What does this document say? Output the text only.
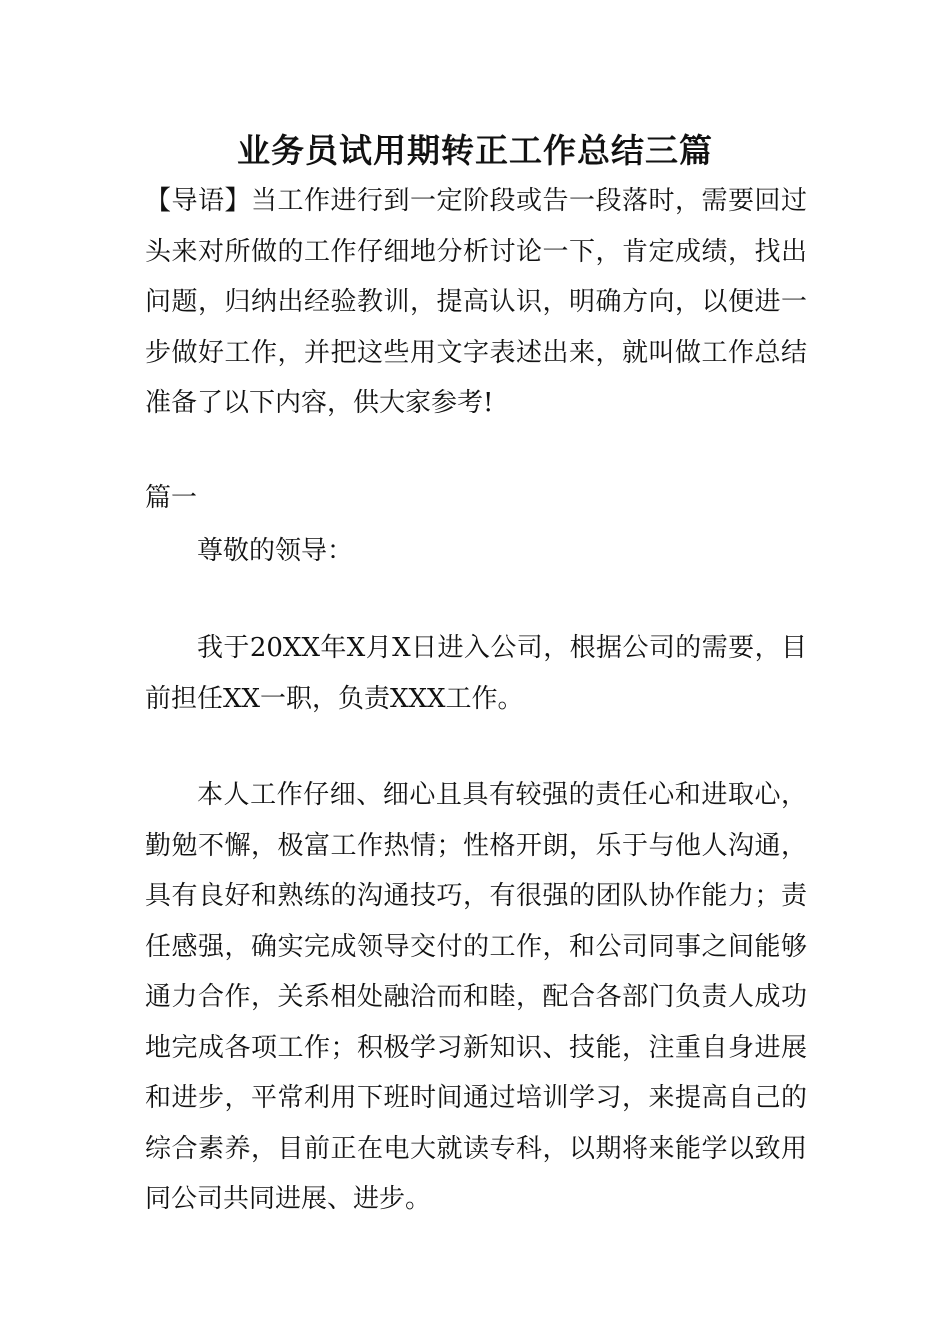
业务员试用期转正工作总结三篇

【导语】当工作进行到一定阶段或告一段落时，需要回过头来对所做的工作仔细地分析讨论一下，肯定成绩，找出问题，归纳出经验教训，提高认识，明确方向，以便进一步做好工作，并把这些用文字表述出来，就叫做工作总结准备了以下内容，供大家参考!

篇一

尊敬的领导：

我于20XX年X月X日进入公司，根据公司的需要，目前担任XX一职，负责XXX工作。

本人工作仔细、细心且具有较强的责任心和进取心，勤勉不懈，极富工作热情；性格开朗，乐于与他人沟通，具有良好和熟练的沟通技巧，有很强的团队协作能力；责任感强，确实完成领导交付的工作，和公司同事之间能够通力合作，关系相处融洽而和睦，配合各部门负责人成功地完成各项工作；积极学习新知识、技能，注重自身进展和进步，平常利用下班时间通过培训学习，来提高自己的综合素养，目前正在电大就读专科，以期将来能学以致用同公司共同进展、进步。
